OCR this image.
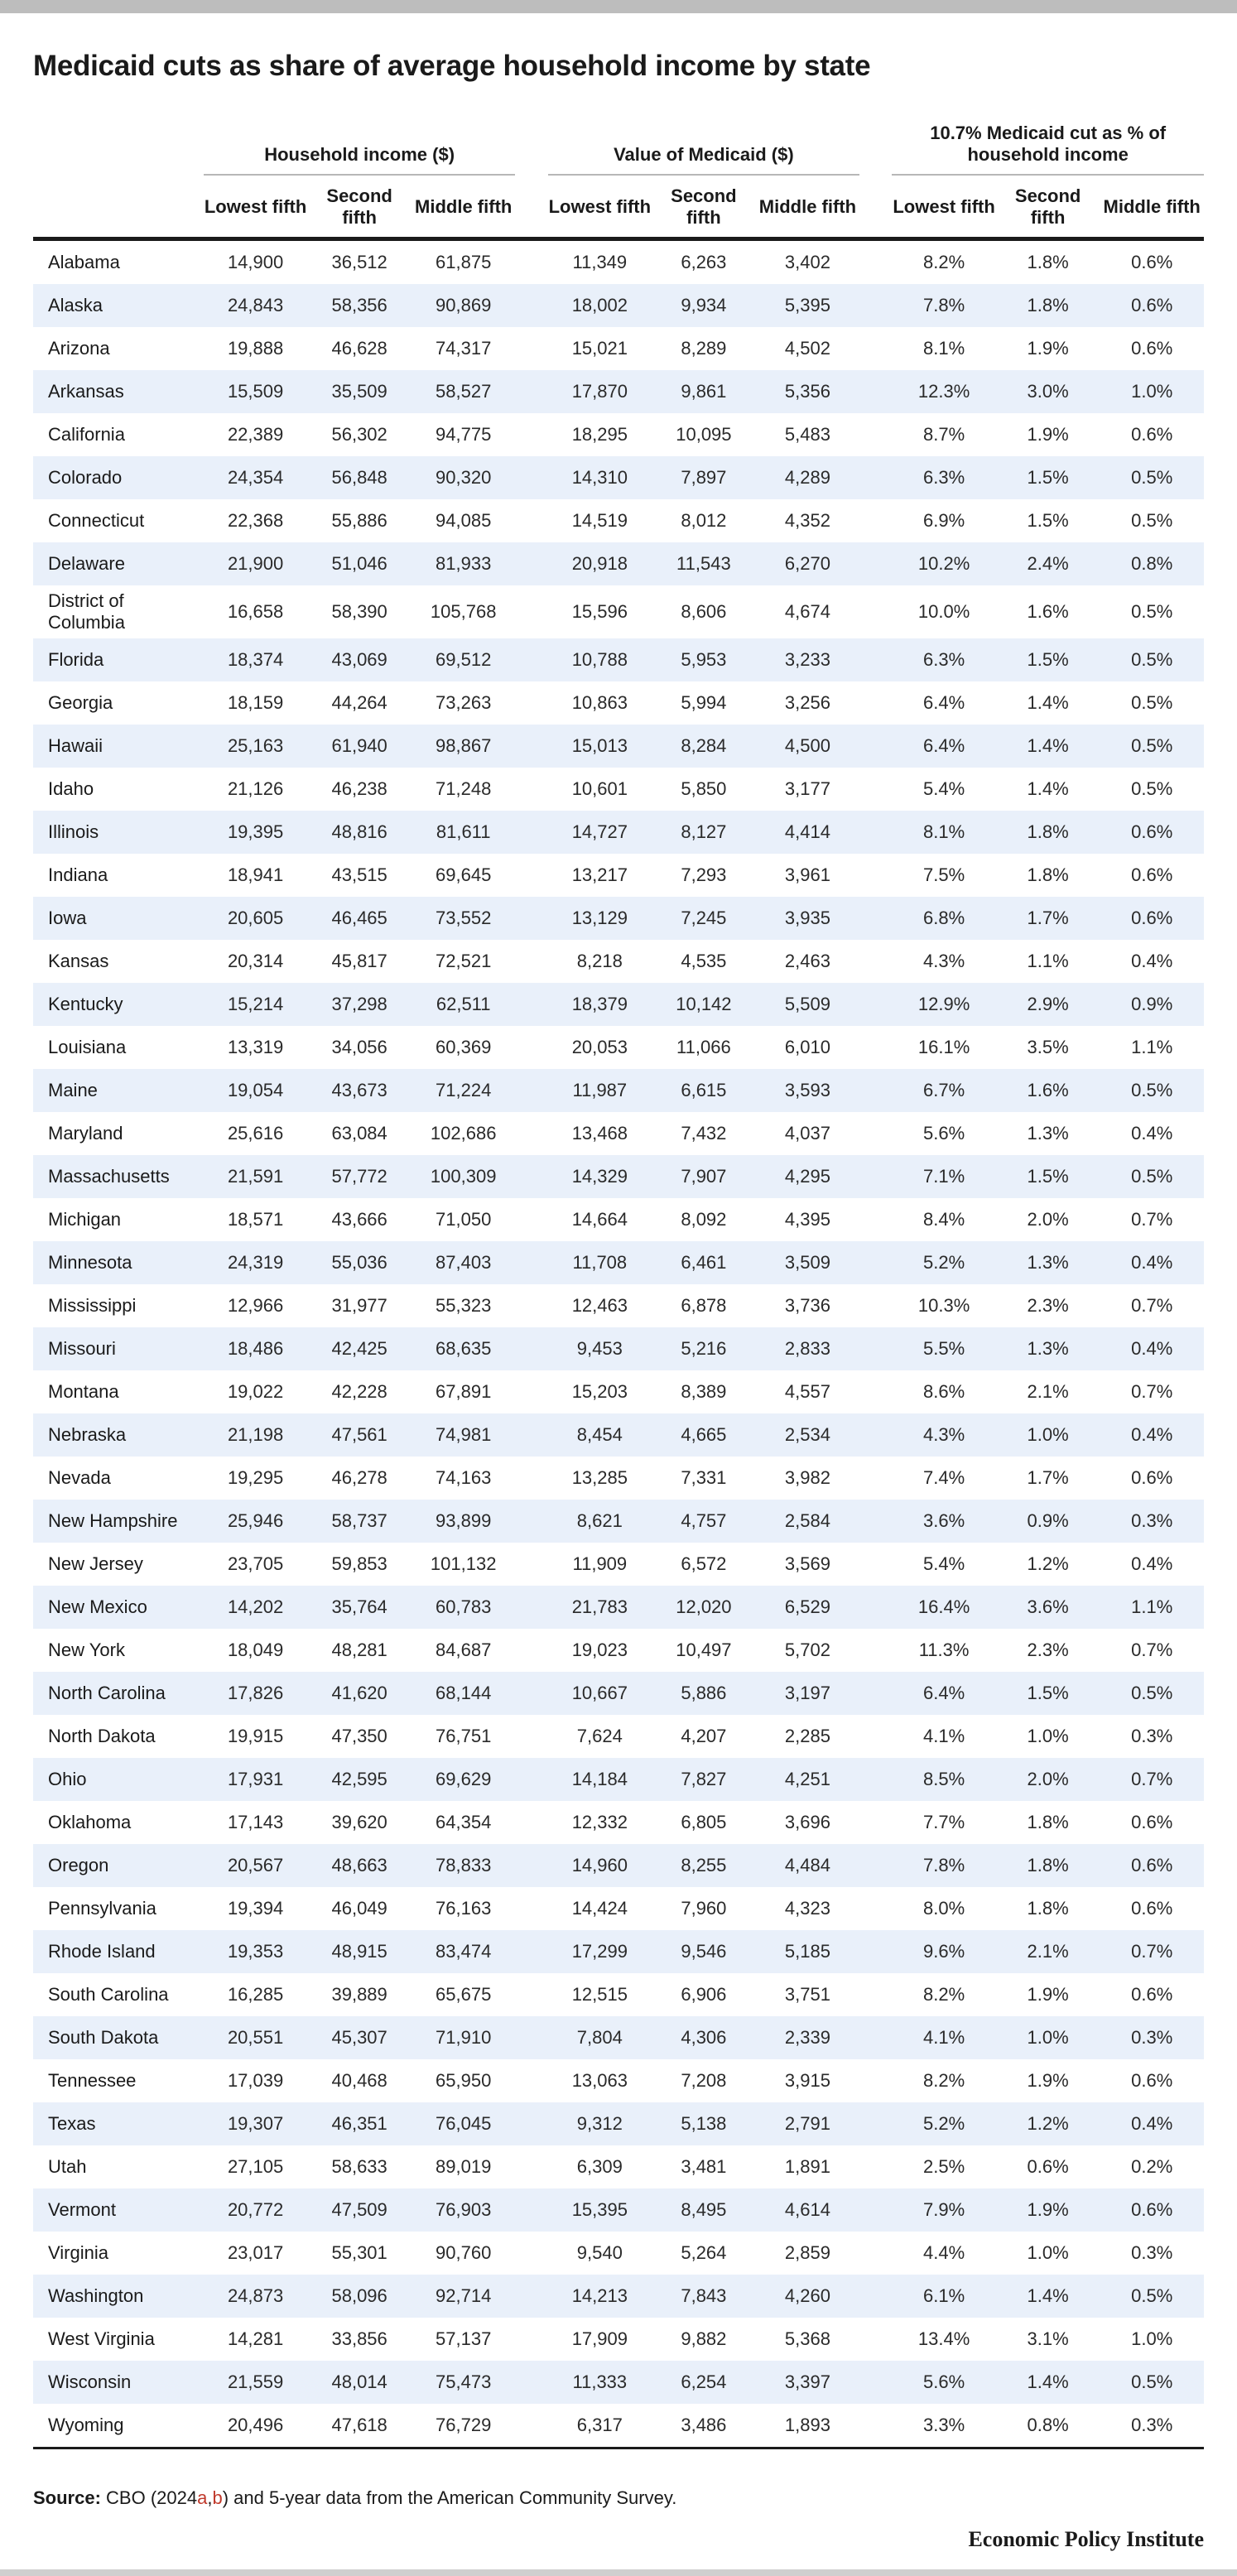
Medicaid cuts as share of average household income by state

	Household income ($)				Value of Medicaid ($)				10.7% Medicaid cut as % of household income		

	Lowest fifth	Second fifth	Middle fifth		Lowest fifth	Second fifth	Middle fifth		Lowest fifth	Second fifth	Middle fifth
Alabama	14,900	36,512	61,875		11,349	6,263	3,402		8.2%	1.8%	0.6%
Alaska	24,843	58,356	90,869		18,002	9,934	5,395		7.8%	1.8%	0.6%
Arizona	19,888	46,628	74,317		15,021	8,289	4,502		8.1%	1.9%	0.6%
Arkansas	15,509	35,509	58,527		17,870	9,861	5,356		12.3%	3.0%	1.0%
California	22,389	56,302	94,775		18,295	10,095	5,483		8.7%	1.9%	0.6%
Colorado	24,354	56,848	90,320		14,310	7,897	4,289		6.3%	1.5%	0.5%
Connecticut	22,368	55,886	94,085		14,519	8,012	4,352		6.9%	1.5%	0.5%
Delaware	21,900	51,046	81,933		20,918	11,543	6,270		10.2%	2.4%	0.8%
District of Columbia	16,658	58,390	105,768		15,596	8,606	4,674		10.0%	1.6%	0.5%
Florida	18,374	43,069	69,512		10,788	5,953	3,233		6.3%	1.5%	0.5%
Georgia	18,159	44,264	73,263		10,863	5,994	3,256		6.4%	1.4%	0.5%
Hawaii	25,163	61,940	98,867		15,013	8,284	4,500		6.4%	1.4%	0.5%
Idaho	21,126	46,238	71,248		10,601	5,850	3,177		5.4%	1.4%	0.5%
Illinois	19,395	48,816	81,611		14,727	8,127	4,414		8.1%	1.8%	0.6%
Indiana	18,941	43,515	69,645		13,217	7,293	3,961		7.5%	1.8%	0.6%
Iowa	20,605	46,465	73,552		13,129	7,245	3,935		6.8%	1.7%	0.6%
Kansas	20,314	45,817	72,521		8,218	4,535	2,463		4.3%	1.1%	0.4%
Kentucky	15,214	37,298	62,511		18,379	10,142	5,509		12.9%	2.9%	0.9%
Louisiana	13,319	34,056	60,369		20,053	11,066	6,010		16.1%	3.5%	1.1%
Maine	19,054	43,673	71,224		11,987	6,615	3,593		6.7%	1.6%	0.5%
Maryland	25,616	63,084	102,686		13,468	7,432	4,037		5.6%	1.3%	0.4%
Massachusetts	21,591	57,772	100,309		14,329	7,907	4,295		7.1%	1.5%	0.5%
Michigan	18,571	43,666	71,050		14,664	8,092	4,395		8.4%	2.0%	0.7%
Minnesota	24,319	55,036	87,403		11,708	6,461	3,509		5.2%	1.3%	0.4%
Mississippi	12,966	31,977	55,323		12,463	6,878	3,736		10.3%	2.3%	0.7%
Missouri	18,486	42,425	68,635		9,453	5,216	2,833		5.5%	1.3%	0.4%
Montana	19,022	42,228	67,891		15,203	8,389	4,557		8.6%	2.1%	0.7%
Nebraska	21,198	47,561	74,981		8,454	4,665	2,534		4.3%	1.0%	0.4%
Nevada	19,295	46,278	74,163		13,285	7,331	3,982		7.4%	1.7%	0.6%
New Hampshire	25,946	58,737	93,899		8,621	4,757	2,584		3.6%	0.9%	0.3%
New Jersey	23,705	59,853	101,132		11,909	6,572	3,569		5.4%	1.2%	0.4%
New Mexico	14,202	35,764	60,783		21,783	12,020	6,529		16.4%	3.6%	1.1%
New York	18,049	48,281	84,687		19,023	10,497	5,702		11.3%	2.3%	0.7%
North Carolina	17,826	41,620	68,144		10,667	5,886	3,197		6.4%	1.5%	0.5%
North Dakota	19,915	47,350	76,751		7,624	4,207	2,285		4.1%	1.0%	0.3%
Ohio	17,931	42,595	69,629		14,184	7,827	4,251		8.5%	2.0%	0.7%
Oklahoma	17,143	39,620	64,354		12,332	6,805	3,696		7.7%	1.8%	0.6%
Oregon	20,567	48,663	78,833		14,960	8,255	4,484		7.8%	1.8%	0.6%
Pennsylvania	19,394	46,049	76,163		14,424	7,960	4,323		8.0%	1.8%	0.6%
Rhode Island	19,353	48,915	83,474		17,299	9,546	5,185		9.6%	2.1%	0.7%
South Carolina	16,285	39,889	65,675		12,515	6,906	3,751		8.2%	1.9%	0.6%
South Dakota	20,551	45,307	71,910		7,804	4,306	2,339		4.1%	1.0%	0.3%
Tennessee	17,039	40,468	65,950		13,063	7,208	3,915		8.2%	1.9%	0.6%
Texas	19,307	46,351	76,045		9,312	5,138	2,791		5.2%	1.2%	0.4%
Utah	27,105	58,633	89,019		6,309	3,481	1,891		2.5%	0.6%	0.2%
Vermont	20,772	47,509	76,903		15,395	8,495	4,614		7.9%	1.9%	0.6%
Virginia	23,017	55,301	90,760		9,540	5,264	2,859		4.4%	1.0%	0.3%
Washington	24,873	58,096	92,714		14,213	7,843	4,260		6.1%	1.4%	0.5%
West Virginia	14,281	33,856	57,137		17,909	9,882	5,368		13.4%	3.1%	1.0%
Wisconsin	21,559	48,014	75,473		11,333	6,254	3,397		5.6%	1.4%	0.5%
Wyoming	20,496	47,618	76,729		6,317	3,486	1,893		3.3%	0.8%	0.3%
Source: CBO (2024a,b) and 5-year data from the American Community Survey.
Economic Policy Institute
